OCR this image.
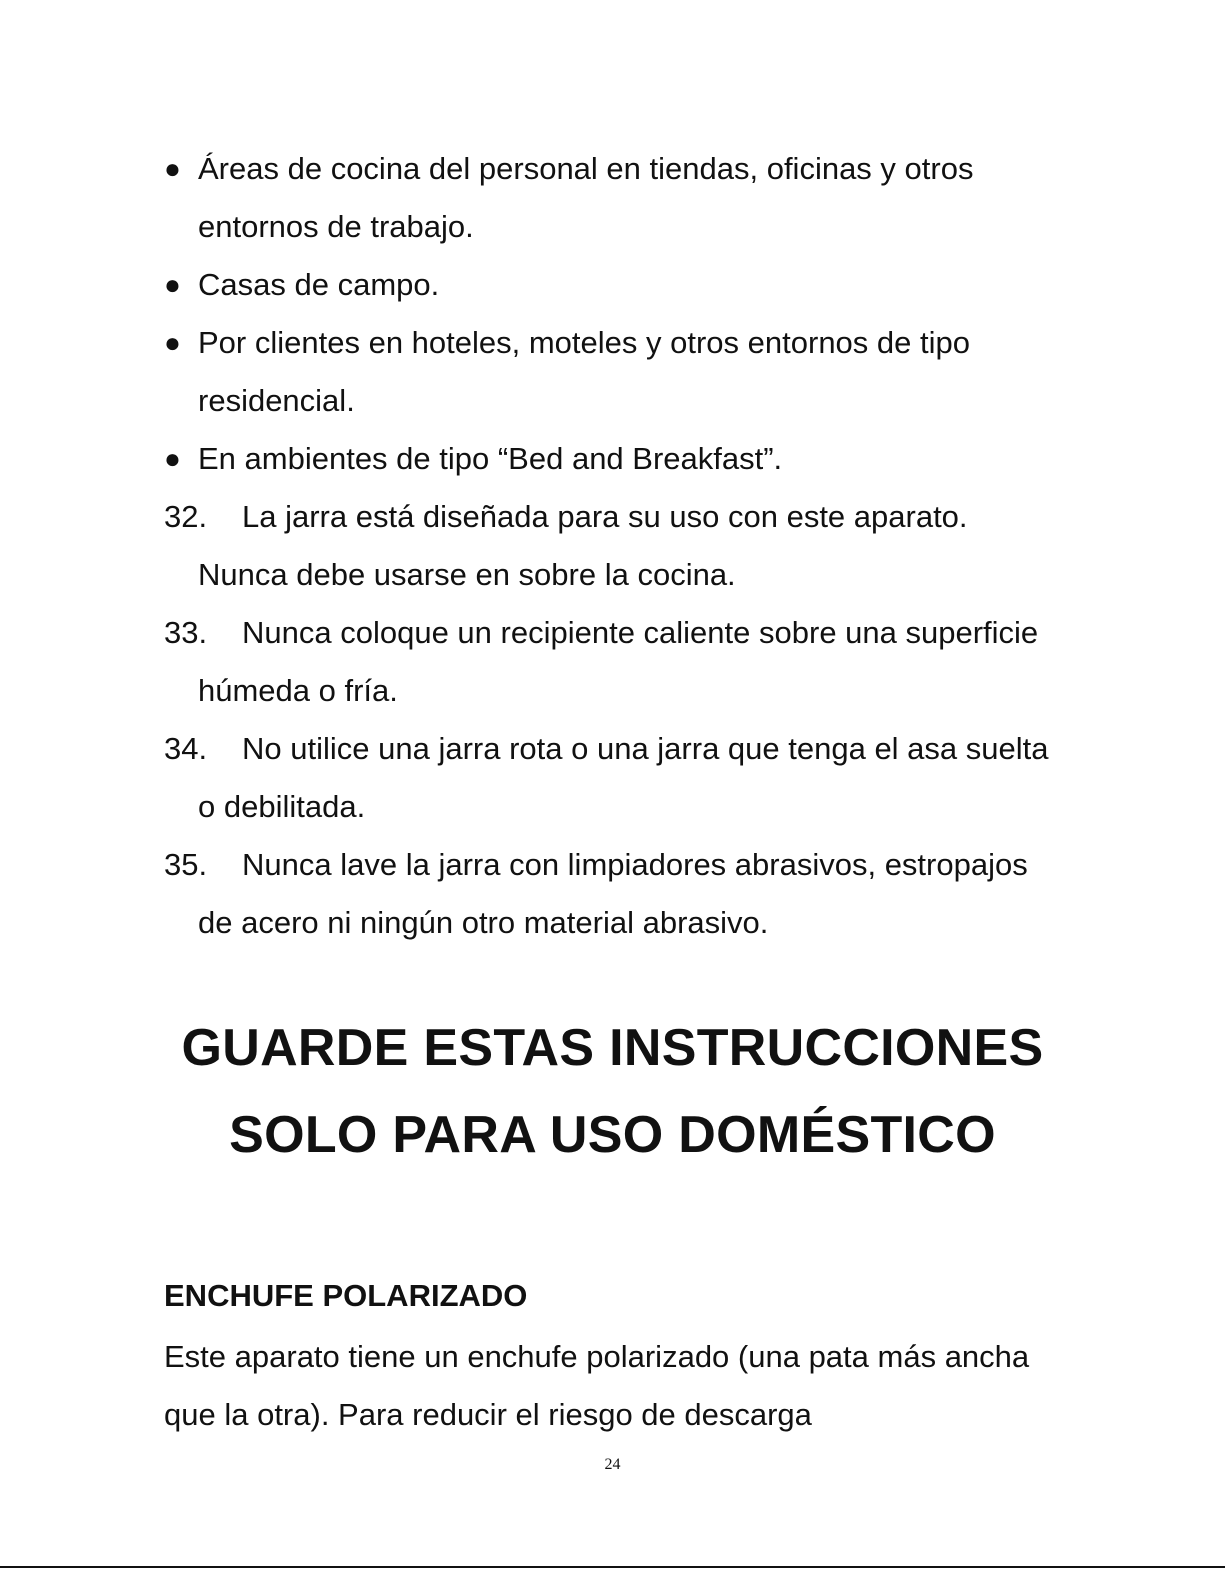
● Áreas de cocina del personal en tiendas, oficinas y otros entornos de trabajo.
● Casas de campo.
● Por clientes en hoteles, moteles y otros entornos de tipo residencial.
● En ambientes de tipo “Bed and Breakfast”.
32.	La jarra está diseñada para su uso con este aparato. Nunca debe usarse en sobre la cocina.
33.	Nunca coloque un recipiente caliente sobre una superficie húmeda o fría.
34.	No utilice una jarra rota o una jarra que tenga el asa suelta o debilitada.
35.	Nunca lave la jarra con limpiadores abrasivos, estropajos de acero ni ningún otro material abrasivo.
GUARDE ESTAS INSTRUCCIONES
SOLO PARA USO DOMÉSTICO
ENCHUFE POLARIZADO

Este aparato tiene un enchufe polarizado (una pata más ancha que la otra). Para reducir el riesgo de descarga

24
